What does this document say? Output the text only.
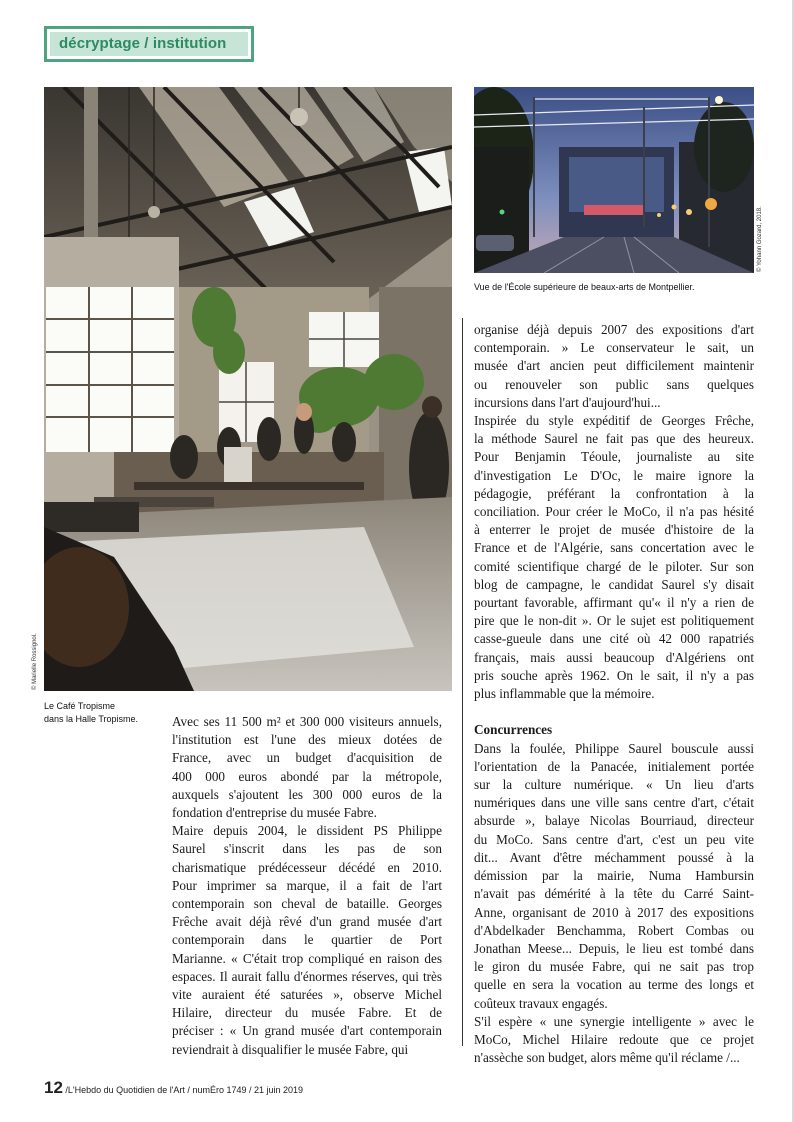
décryptage / institution
© Marielle Rossignol.
Le Café Tropisme
dans la Halle Tropisme.
© Yohann Gozard, 2018.
Vue de l'École supérieure de beaux-arts de Montpellier.
Avec ses 11 500 m² et 300 000 visiteurs annuels,
l'institution est l'une des mieux dotées de
France, avec un budget d'acquisition de
400 000 euros abondé par la métropole,
auxquels s'ajoutent les 300 000 euros de la
fondation d'entreprise du musée Fabre.
Maire depuis 2004, le dissident PS Philippe
Saurel s'inscrit dans les pas de son
charismatique prédécesseur décédé en 2010.
Pour imprimer sa marque, il a fait de l'art
contemporain son cheval de bataille. Georges
Frêche avait déjà rêvé d'un grand musée d'art
contemporain dans le quartier de Port
Marianne. « C'était trop compliqué en raison des
espaces. Il aurait fallu d'énormes réserves, qui très
vite auraient été saturées », observe Michel
Hilaire, directeur du musée Fabre. Et de
préciser : « Un grand musée d'art contemporain
reviendrait à disqualifier le musée Fabre, qui
organise déjà depuis 2007 des expositions d'art
contemporain. » Le conservateur le sait, un
musée d'art ancien peut difficilement maintenir
ou renouveler son public sans quelques
incursions dans l'art d'aujourd'hui...
Inspirée du style expéditif de Georges Frêche,
la méthode Saurel ne fait pas que des heureux.
Pour Benjamin Téoule, journaliste au site
d'investigation Le D'Oc, le maire ignore la
pédagogie, préférant la confrontation à la
conciliation. Pour créer le MoCo, il n'a pas hésité
à enterrer le projet de musée d'histoire de la
France et de l'Algérie, sans concertation avec le
comité scientifique chargé de le piloter. Sur son
blog de campagne, le candidat Saurel s'y disait
pourtant favorable, affirmant qu'« il n'y a rien de
pire que le non-dit ». Or le sujet est politiquement
casse-gueule dans une cité où 42 000 rapatriés
français, mais aussi beaucoup d'Algériens ont
pris souche après 1962. On le sait, il n'y a pas
plus inflammable que la mémoire.

Concurrences
Dans la foulée, Philippe Saurel bouscule aussi
l'orientation de la Panacée, initialement portée
sur la culture numérique. « Un lieu d'arts
numériques dans une ville sans centre d'art, c'était
absurde », balaye Nicolas Bourriaud, directeur
du MoCo. Sans centre d'art, c'est un peu vite
dit... Avant d'être méchamment poussé à la
démission par la mairie, Numa Hambursin
n'avait pas démérité à la tête du Carré Saint-
Anne, organisant de 2010 à 2017 des expositions
d'Abdelkader Benchamma, Robert Combas ou
Jonathan Meese... Depuis, le lieu est tombé dans
le giron du musée Fabre, qui ne sait pas trop
quelle en sera la vocation au terme des longs et
coûteux travaux engagés.
S'il espère « une synergie intelligente » avec le
MoCo, Michel Hilaire redoute que ce projet
n'assèche son budget, alors même qu'il réclame /...
12 /L'Hebdo du Quotidien de l'Art / numÉro 1749 / 21 juin 2019
